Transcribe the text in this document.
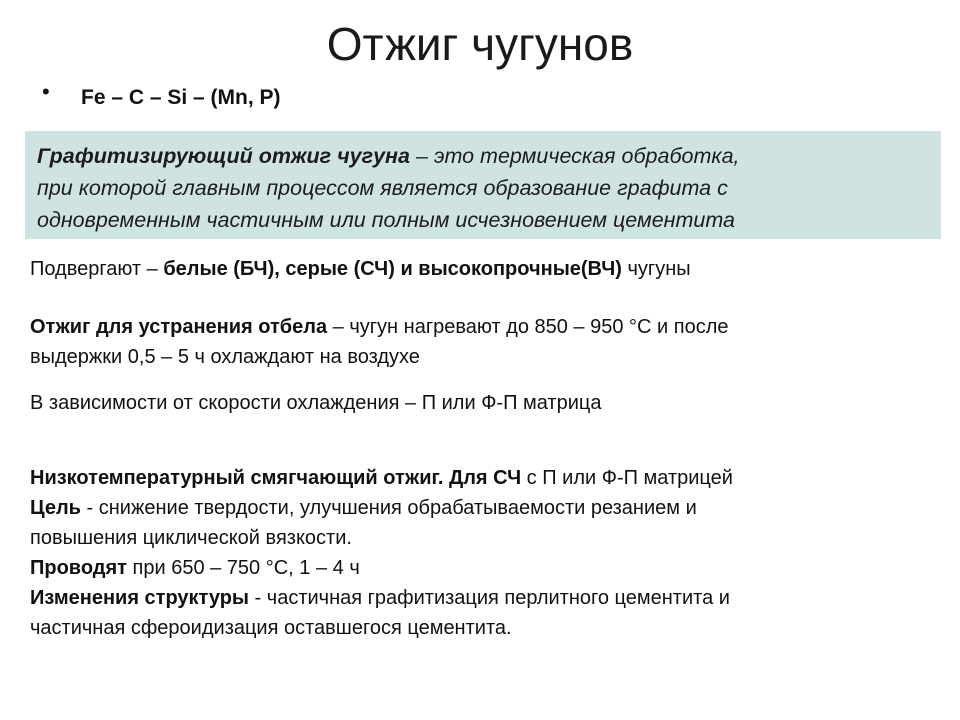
Отжиг чугунов
• Fe – C – Si – (Mn, P)

Графитизирующий отжиг чугуна – это термическая обработка,

при которой главным процессом является образование графита с

одновременным частичным или полным исчезновением цементита

Подвергают – белые (БЧ), серые (СЧ) и высокопрочные(ВЧ) чугуны

Отжиг для устранения отбела – чугун нагревают до 850 – 950 °С и после

выдержки 0,5 – 5 ч охлаждают на воздухе

В зависимости от скорости охлаждения – П или Ф-П матрица

Низкотемпературный смягчающий отжиг. Для СЧ с П или Ф-П матрицей

Цель - снижение твердости, улучшения обрабатываемости резанием и

повышения циклической вязкости.

Проводят при 650 – 750 °С, 1 – 4 ч

Изменения структуры - частичная графитизация перлитного цементита и

частичная сфероидизация оставшегося цементита.
